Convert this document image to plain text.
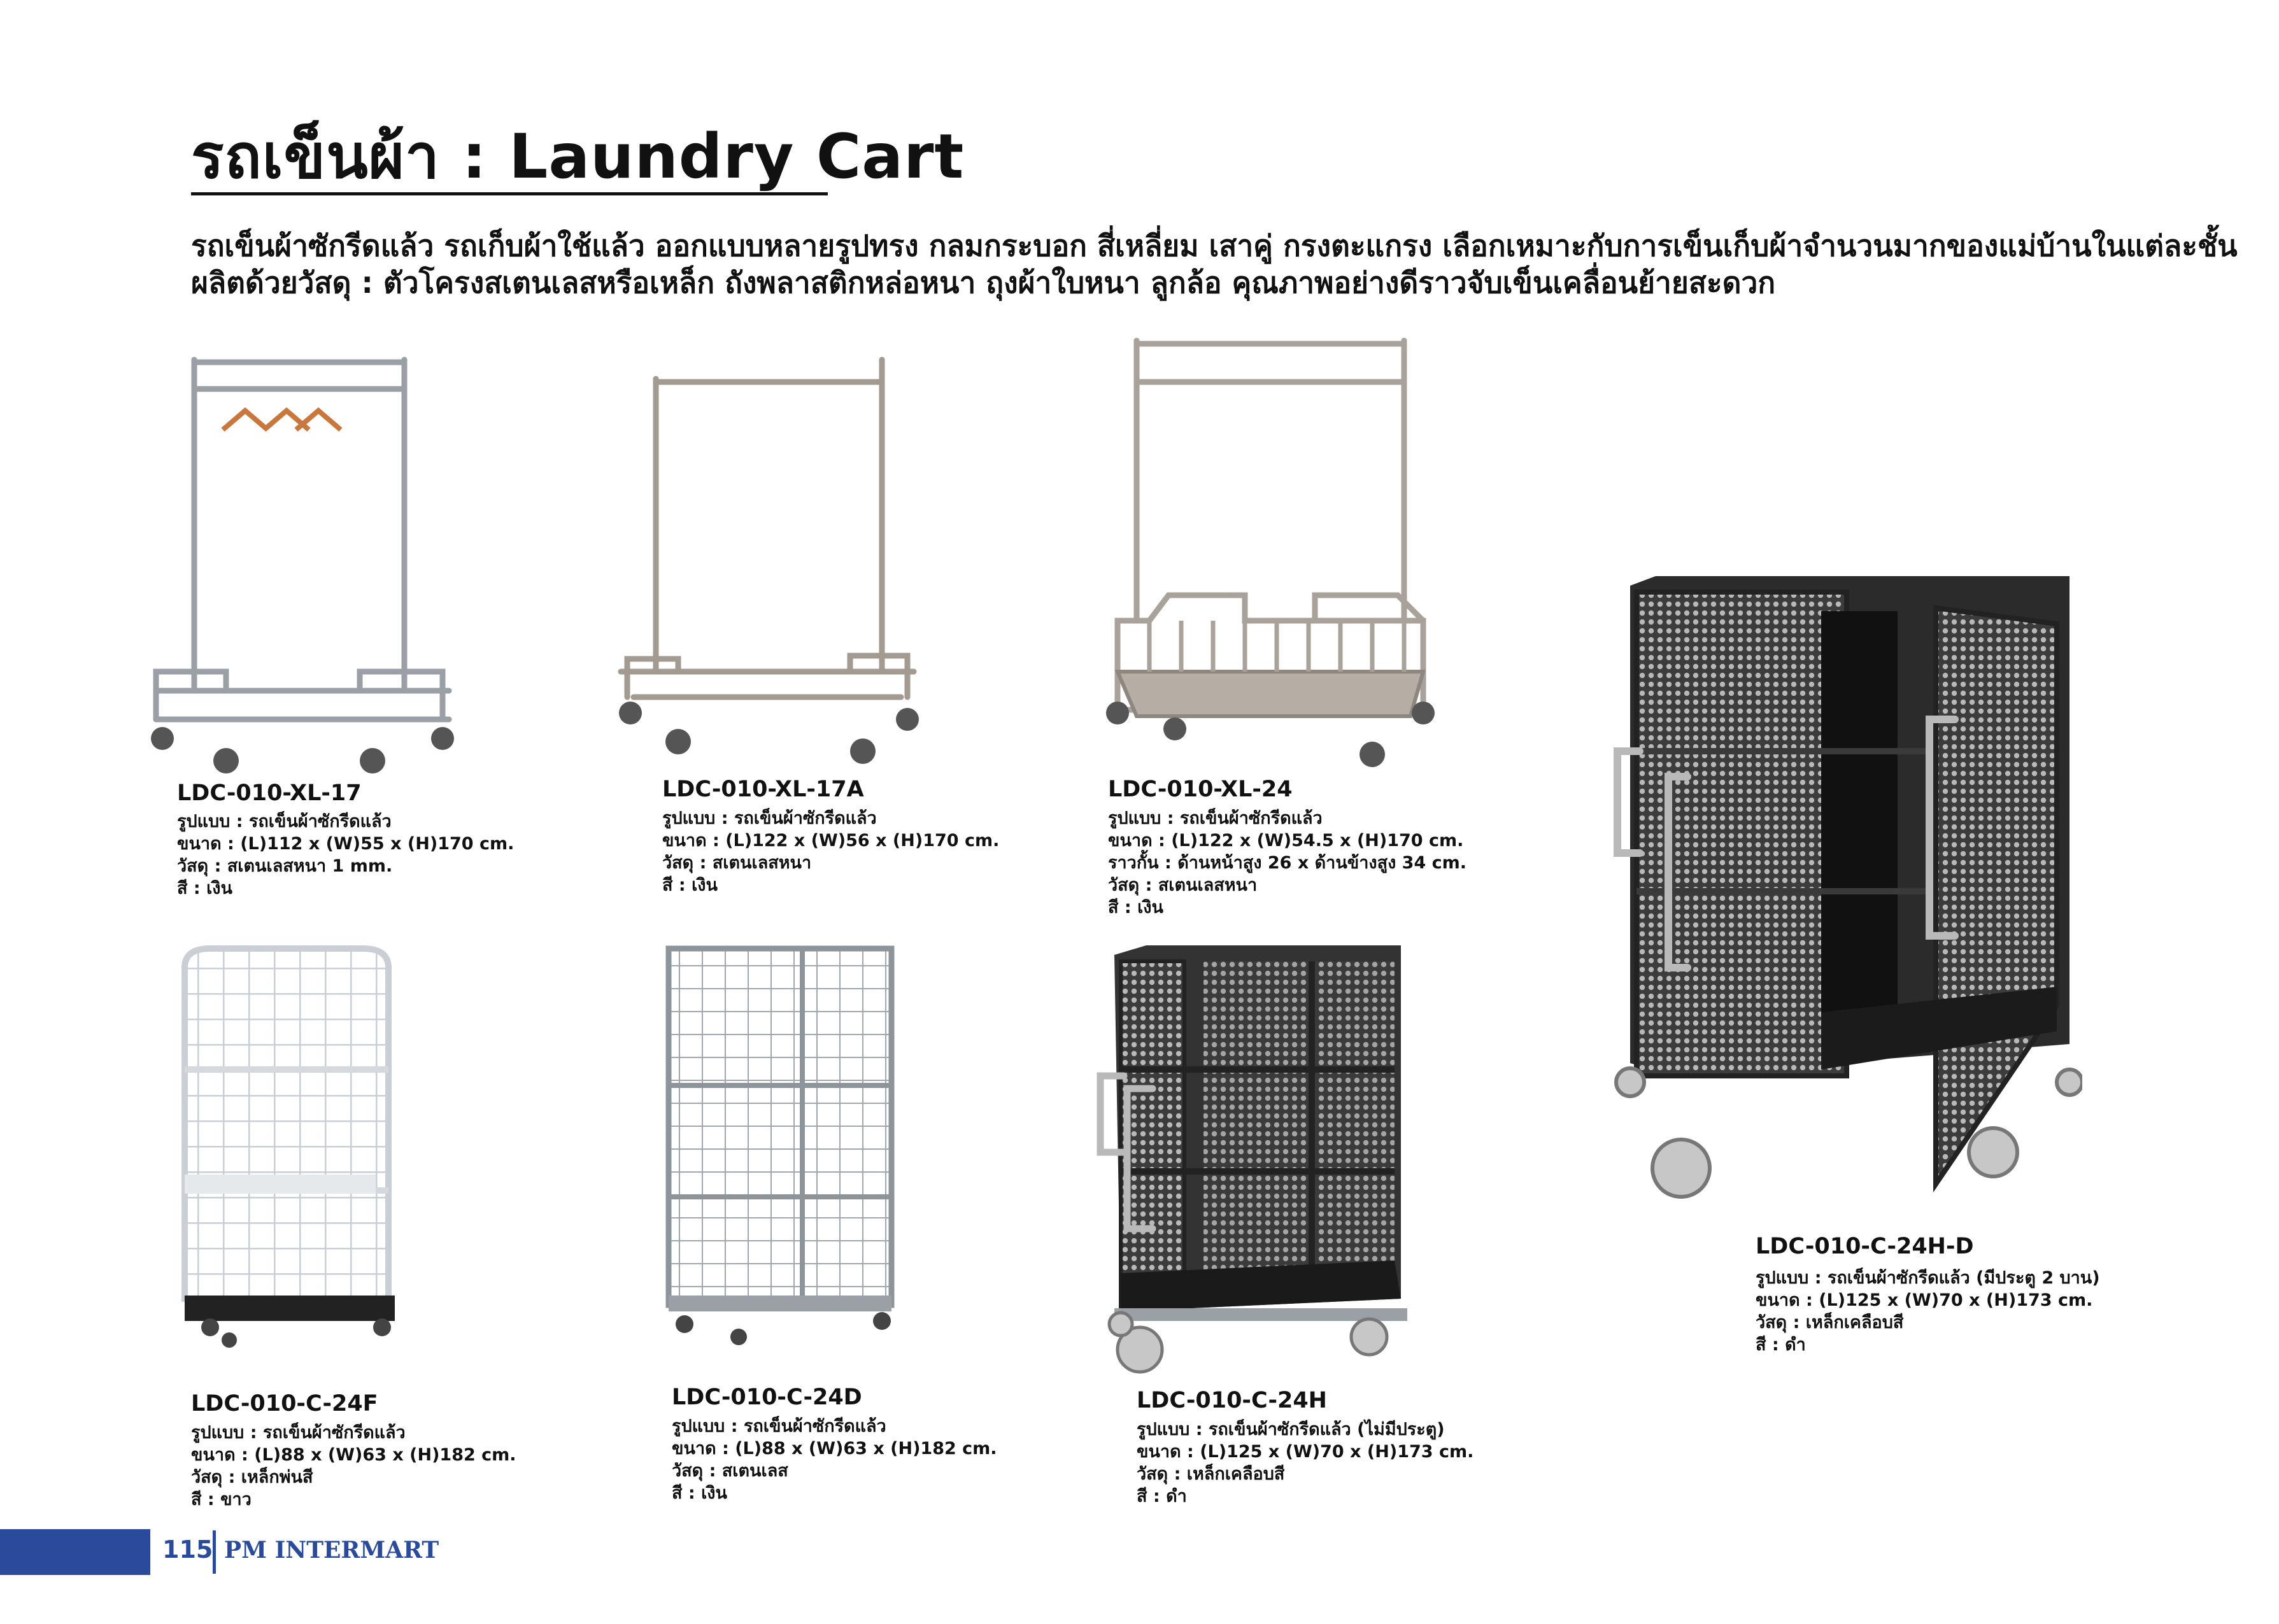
รถเข็นผ้า : Laundry Cart
รถเข็นผ้าซักรีดแล้ว รถเก็บผ้าใช้แล้ว ออกแบบหลายรูปทรง กลมกระบอก สี่เหลี่ยม เสาคู่ กรงตะแกรง เลือกเหมาะกับการเข็นเก็บผ้าจำนวนมากของแม่บ้านในแต่ละชั้น
ผลิตด้วยวัสดุ : ตัวโครงสเตนเลสหรือเหล็ก ถังพลาสติกหล่อหนา ถุงผ้าใบหนา ลูกล้อ คุณภาพอย่างดีราวจับเข็นเคลื่อนย้ายสะดวก
LDC-010-XL-17
รูปแบบ : รถเข็นผ้าซักรีดแล้ว
ขนาด : (L)112 x (W)55 x (H)170 cm.
วัสดุ : สเตนเลสหนา 1 mm.
สี : เงิน
LDC-010-XL-17A
รูปแบบ : รถเข็นผ้าซักรีดแล้ว
ขนาด : (L)122 x (W)56 x (H)170 cm.
วัสดุ : สเตนเลสหนา
สี : เงิน
LDC-010-XL-24
รูปแบบ : รถเข็นผ้าซักรีดแล้ว
ขนาด : (L)122 x (W)54.5 x (H)170 cm.
ราวกั้น : ด้านหน้าสูง 26 x ด้านข้างสูง 34 cm.
วัสดุ : สเตนเลสหนา
สี : เงิน
LDC-010-C-24H-D
รูปแบบ : รถเข็นผ้าซักรีดแล้ว (มีประตู 2 บาน)
ขนาด : (L)125 x (W)70 x (H)173 cm.
วัสดุ : เหล็กเคลือบสี
สี : ดำ
LDC-010-C-24F
รูปแบบ : รถเข็นผ้าซักรีดแล้ว
ขนาด : (L)88 x (W)63 x (H)182 cm.
วัสดุ : เหล็กพ่นสี
สี : ขาว
LDC-010-C-24D
รูปแบบ : รถเข็นผ้าซักรีดแล้ว
ขนาด : (L)88 x (W)63 x (H)182 cm.
วัสดุ : สเตนเลส
สี : เงิน
LDC-010-C-24H
รูปแบบ : รถเข็นผ้าซักรีดแล้ว (ไม่มีประตู)
ขนาด : (L)125 x (W)70 x (H)173 cm.
วัสดุ : เหล็กเคลือบสี
สี : ดำ
115 PM INTERMART
